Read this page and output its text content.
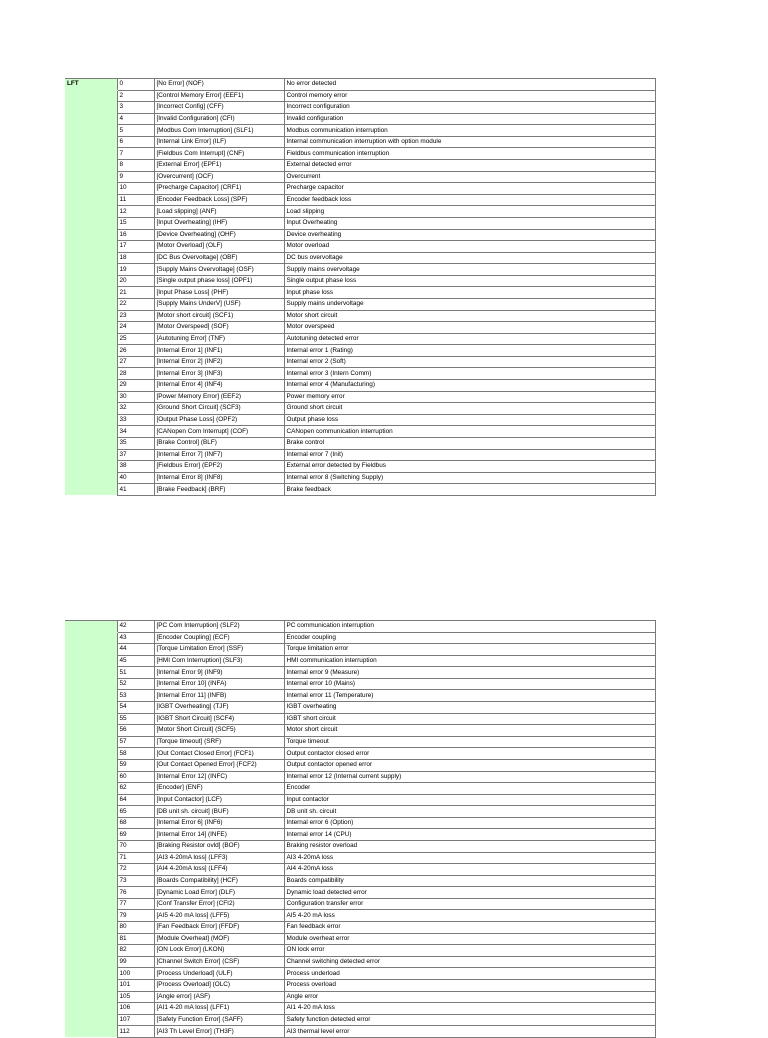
LFT	0	[No Error] (NOF)	No error detected
	2	[Control Memory Error] (EEF1)	Control memory error
	3	[Incorrect Config] (CFF)	Incorrect configuration
	4	[Invalid Configuration] (CFI)	Invalid configuration
	5	[Modbus Com Interruption] (SLF1)	Modbus communication interruption
	6	[Internal Link Error] (ILF)	Internal communication interruption with option module
	7	[Fieldbus Com Interrupt] (CNF)	Fieldbus communication interruption
	8	[External Error] (EPF1)	External detected error
	9	[Overcurrent] (OCF)	Overcurrent
	10	[Precharge Capacitor] (CRF1)	Precharge capacitor
	11	[Encoder Feedback Loss] (SPF)	Encoder feedback loss
	12	[Load slipping] (ANF)	Load slipping
	15	[Input Overheating] (IHF)	Input Overheating
	16	[Device Overheating] (OHF)	Device overheating
	17	[Motor Overload] (OLF)	Motor overload
	18	[DC Bus Overvoltage] (OBF)	DC bus overvoltage
	19	[Supply Mains Overvoltage] (OSF)	Supply mains overvoltage
	20	[Single output phase loss] (OPF1)	Single output phase loss
	21	[Input Phase Loss] (PHF)	Input phase loss
	22	[Supply Mains UnderV] (USF)	Supply mains undervoltage
	23	[Motor short circuit] (SCF1)	Motor short circuit
	24	[Motor Overspeed] (SOF)	Motor overspeed
	25	[Autotuning Error] (TNF)	Autotuning detected error
	26	[Internal Error 1] (INF1)	Internal error 1 (Rating)
	27	[Internal Error 2] (INF2)	Internal error 2 (Soft)
	28	[Internal Error 3] (INF3)	Internal error 3 (Intern Comm)
	29	[Internal Error 4] (INF4)	Internal error 4 (Manufacturing)
	30	[Power Memory Error] (EEF2)	Power memory error
	32	[Ground Short Circuit] (SCF3)	Ground short circuit
	33	[Output Phase Loss] (OPF2)	Output phase loss
	34	[CANopen Com Interrupt] (COF)	CANopen communication interruption
	35	[Brake Control] (BLF)	Brake control
	37	[Internal Error 7] (INF7)	Internal error 7 (Init)
	38	[Fieldbus Error] (EPF2)	External error detected by Fieldbus
	40	[Internal Error 8] (INF8)	Internal error 8 (Switching Supply)
	41	[Brake Feedback] (BRF)	Brake feedback
	42	[PC Com Interruption] (SLF2)	PC communication interruption
	43	[Encoder Coupling] (ECF)	Encoder coupling
	44	[Torque Limitation Error] (SSF)	Torque limitation error
	45	[HMI Com Interruption] (SLF3)	HMI communication interruption
	51	[Internal Error 9] (INF9)	Internal error 9 (Measure)
	52	[Internal Error 10] (INFA)	Internal error 10 (Mains)
	53	[Internal Error 11] (INFB)	Internal error 11 (Temperature)
	54	[IGBT Overheating] (TJF)	IGBT overheating
	55	[IGBT Short Circuit] (SCF4)	IGBT short circuit
	56	[Motor Short Circuit] (SCF5)	Motor short circuit
	57	[Torque timeout] (SRF)	Torque timeout
	58	[Out Contact Closed Error] (FCF1)	Output contactor closed error
	59	[Out Contact Opened Error] (FCF2)	Output contactor opened error
	60	[Internal Error 12] (INFC)	Internal error 12 (Internal current supply)
	62	[Encoder] (ENF)	Encoder
	64	[Input Contactor] (LCF)	Input contactor
	65	[DB unit sh. circuit] (BUF)	DB unit sh. circuit
	68	[Internal Error 6] (INF6)	Internal error 6 (Option)
	69	[Internal Error 14] (INFE)	Internal error 14 (CPU)
	70	[Braking Resistor ovld] (BOF)	Braking resistor overload
	71	[AI3 4-20mA loss] (LFF3)	AI3 4-20mA loss
	72	[AI4 4-20mA loss] (LFF4)	AI4 4-20mA loss
	73	[Boards Compatibility] (HCF)	Boards compatibility
	76	[Dynamic Load Error] (DLF)	Dynamic load detected error
	77	[Conf Transfer Error] (CFI2)	Configuration transfer error
	79	[AI5 4-20 mA loss] (LFF5)	AI5 4-20 mA loss
	80	[Fan Feedback Error] (FFDF)	Fan feedback error
	81	[Module Overheat] (MOF)	Module overheat error
	82	[ON Lock Error] (LKON)	ON lock error
	99	[Channel Switch Error] (CSF)	Channel switching detected error
	100	[Process Underload] (ULF)	Process underload
	101	[Process Overload] (OLC)	Process overload
	105	[Angle error] (ASF)	Angle error
	106	[AI1 4-20 mA loss] (LFF1)	AI1 4-20 mA loss
	107	[Safety Function Error] (SAFF)	Safety function detected error
	112	[AI3 Th Level Error] (TH3F)	AI3 thermal level error
